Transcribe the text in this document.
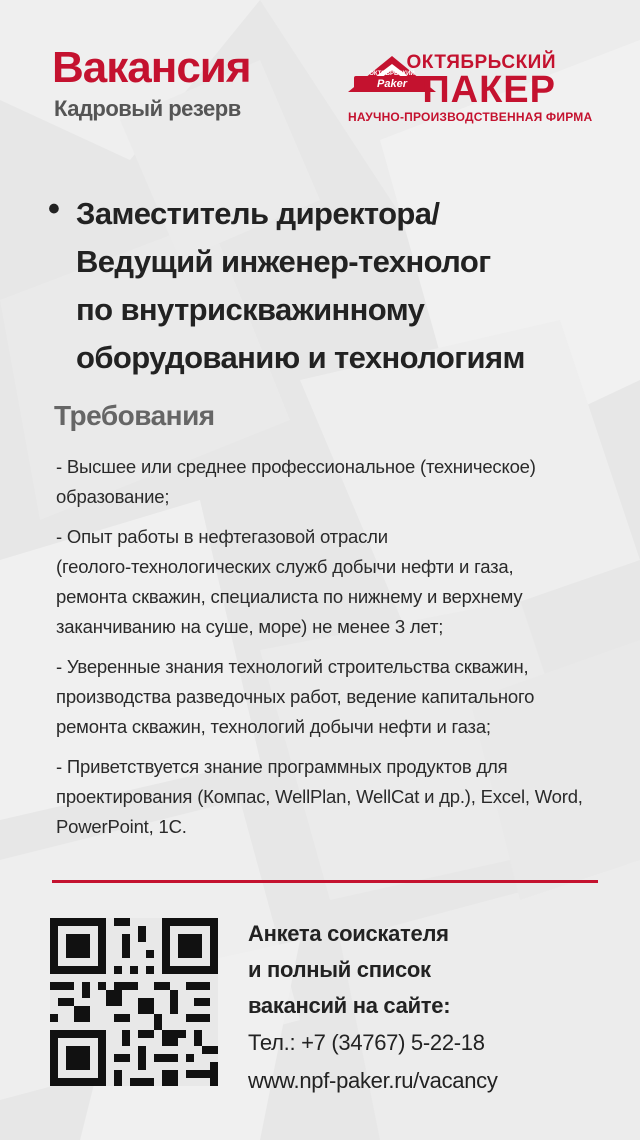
Вакансия
Кадровый резерв
ОКТЯБРЬСКИЙ
Paker
ОКТЯБРЬСКИЙ
ПАКЕР
НАУЧНО-ПРОИЗВОДСТВЕННАЯ ФИРМА
• Заместитель директора/
Ведущий инженер-технолог
по внутрискважинному
оборудованию и технологиям
Требования
- Высшее или среднее профессиональное (техническое)
образование;
- Опыт работы в нефтегазовой отрасли
(геолого-технологических служб добычи нефти и газа,
ремонта скважин, специалиста по нижнему и верхнему
заканчиванию на суше, море) не менее 3 лет;
- Уверенные знания технологий строительства скважин,
производства разведочных работ, ведение капитального
ремонта скважин, технологий добычи нефти и газа;
- Приветствуется знание программных продуктов для
проектирования (Компас, WellPlan, WellCat и др.), Excel, Word,
PowerPoint, 1С.
Анкета соискателя
и полный список
вакансий на сайте:
Тел.: +7 (34767) 5-22-18
www.npf-paker.ru/vacancy
